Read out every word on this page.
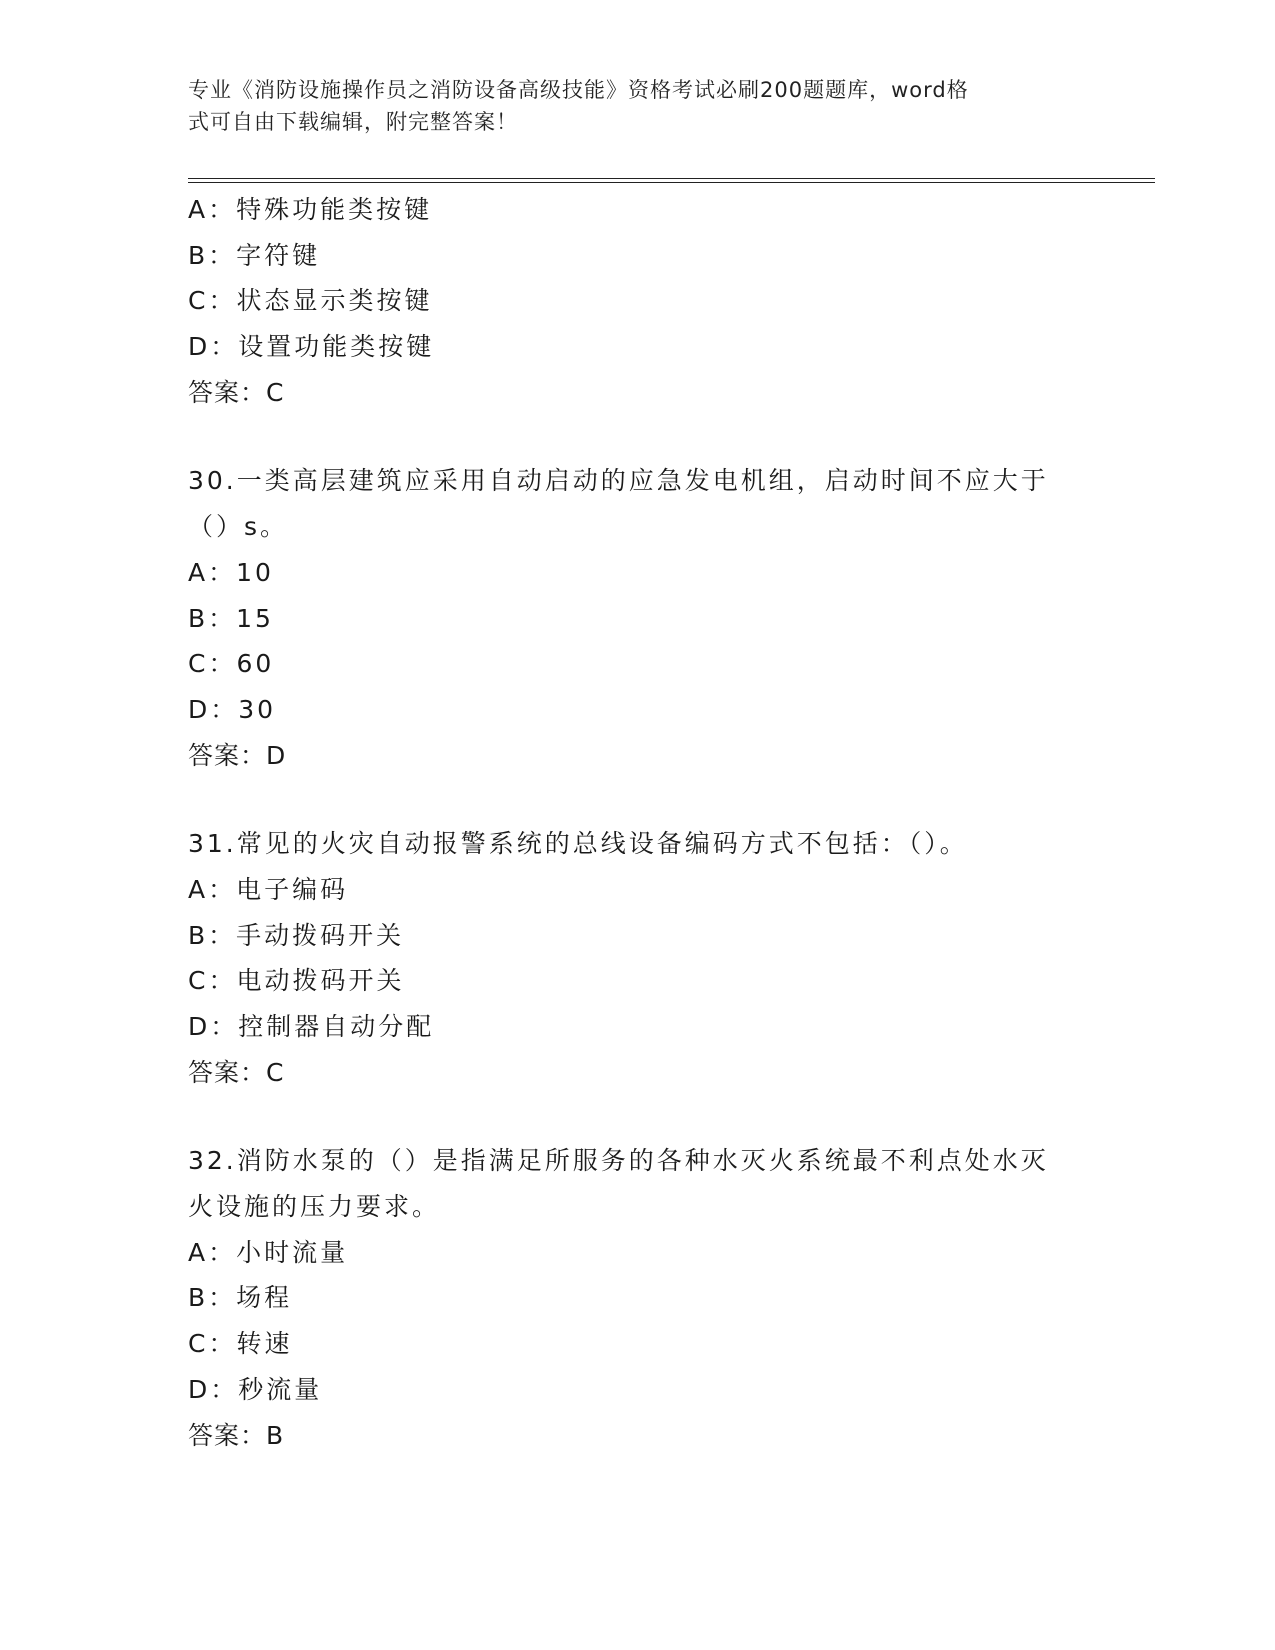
专业《消防设施操作员之消防设备高级技能》资格考试必刷200题题库，word格
式可自由下载编辑，附完整答案！
A：特殊功能类按键
B：字符键
C：状态显示类按键
D：设置功能类按键
答案：C
30.一类高层建筑应采用自动启动的应急发电机组，启动时间不应大于
（）s。
A：10
B：15
C：60
D：30
答案：D
31.常见的火灾自动报警系统的总线设备编码方式不包括：（）。
A：电子编码
B：手动拨码开关
C：电动拨码开关
D：控制器自动分配
答案：C
32.消防水泵的（）是指满足所服务的各种水灭火系统最不利点处水灭
火设施的压力要求。
A：小时流量
B：场程
C：转速
D：秒流量
答案：B
